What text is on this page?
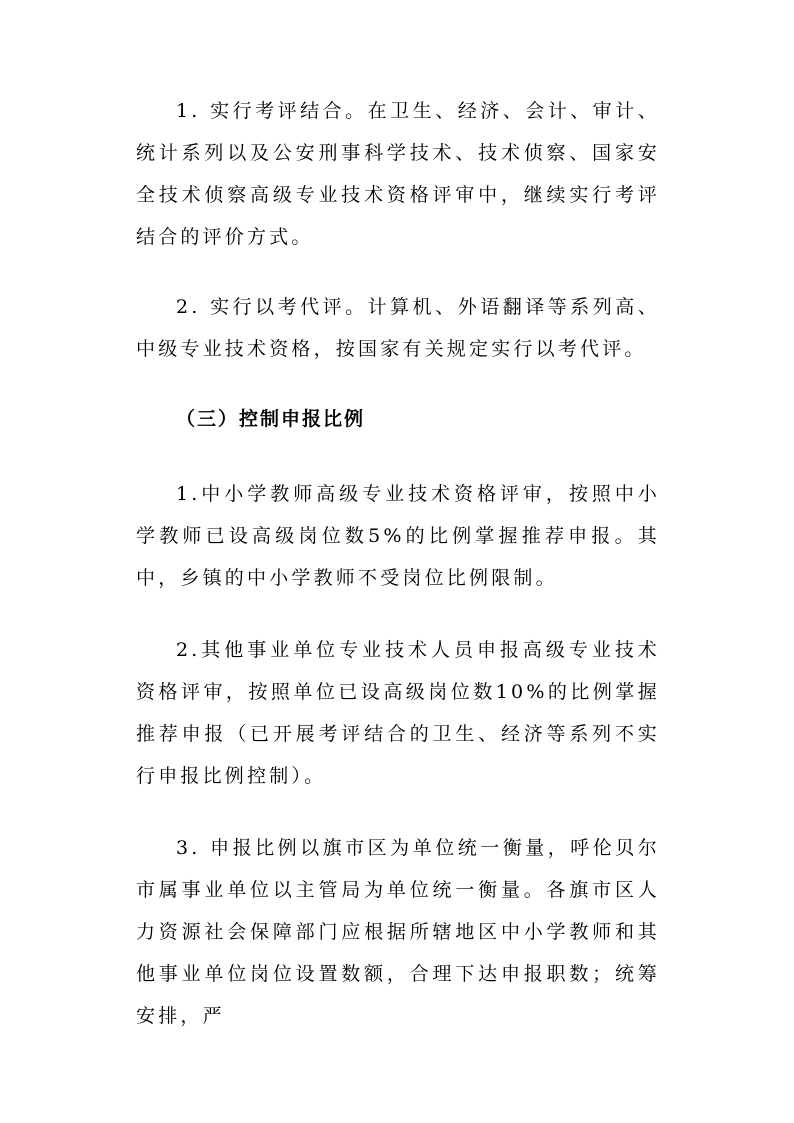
1. 实行考评结合。在卫生、经济、会计、审计、统计系列以及公安刑事科学技术、技术侦察、国家安全技术侦察高级专业技术资格评审中，继续实行考评结合的评价方式。

2. 实行以考代评。计算机、外语翻译等系列高、中级专业技术资格，按国家有关规定实行以考代评。

（三）控制申报比例

1.中小学教师高级专业技术资格评审，按照中小学教师已设高级岗位数5%的比例掌握推荐申报。其中，乡镇的中小学教师不受岗位比例限制。

2.其他事业单位专业技术人员申报高级专业技术资格评审，按照单位已设高级岗位数10%的比例掌握推荐申报（已开展考评结合的卫生、经济等系列不实行申报比例控制）。

3. 申报比例以旗市区为单位统一衡量，呼伦贝尔市属事业单位以主管局为单位统一衡量。各旗市区人力资源社会保障部门应根据所辖地区中小学教师和其他事业单位岗位设置数额，合理下达申报职数；统筹安排，严
